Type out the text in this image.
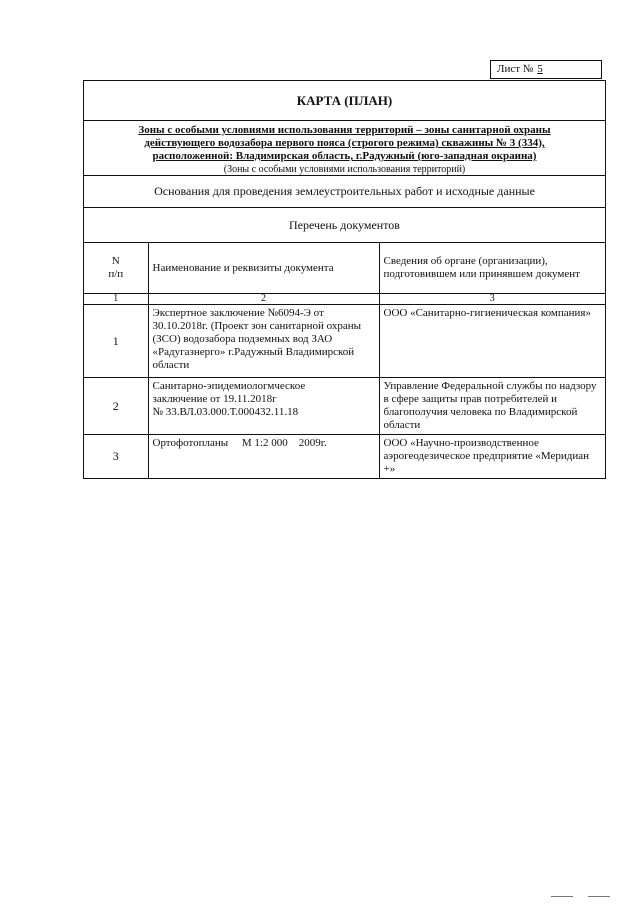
Лист № 5
КАРТА (ПЛАН)
Зоны с особыми условиями использования территорий – зоны санитарной охраны
действующего водозабора первого пояса (строгого режима) скважины № 3 (334),
расположенной: Владимирская область, г.Радужный (юго-западная окраина)
(Зоны с особыми условиями использования территорий)
Основания для проведения землеустроительных работ и исходные данные
Перечень документов
N
п/п	Наименование и реквизиты документа	Сведения об органе (организации), подготовившем или принявшем документ
1	2	3
1	Экспертное заключение №6094-Э от 30.10.2018г. (Проект зон санитарной охраны (ЗСО) водозабора подземных вод ЗАО «Радугазнерго» г.Радужный Владимирской области	ООО «Санитарно-гигиеническая компания»
2	Санитарно-эпидемиологмческое
заключение от 19.11.2018г
№ 33.ВЛ.03.000.Т.000432.11.18	Управление Федеральной службы по надзору в сфере защиты прав потребителей и благополучия человека по Владимирской области
3	Ортофотопланы     М 1:2 000    2009г.	ООО «Научно-производственное аэрогеодезическое предприятие «Меридиан +»
